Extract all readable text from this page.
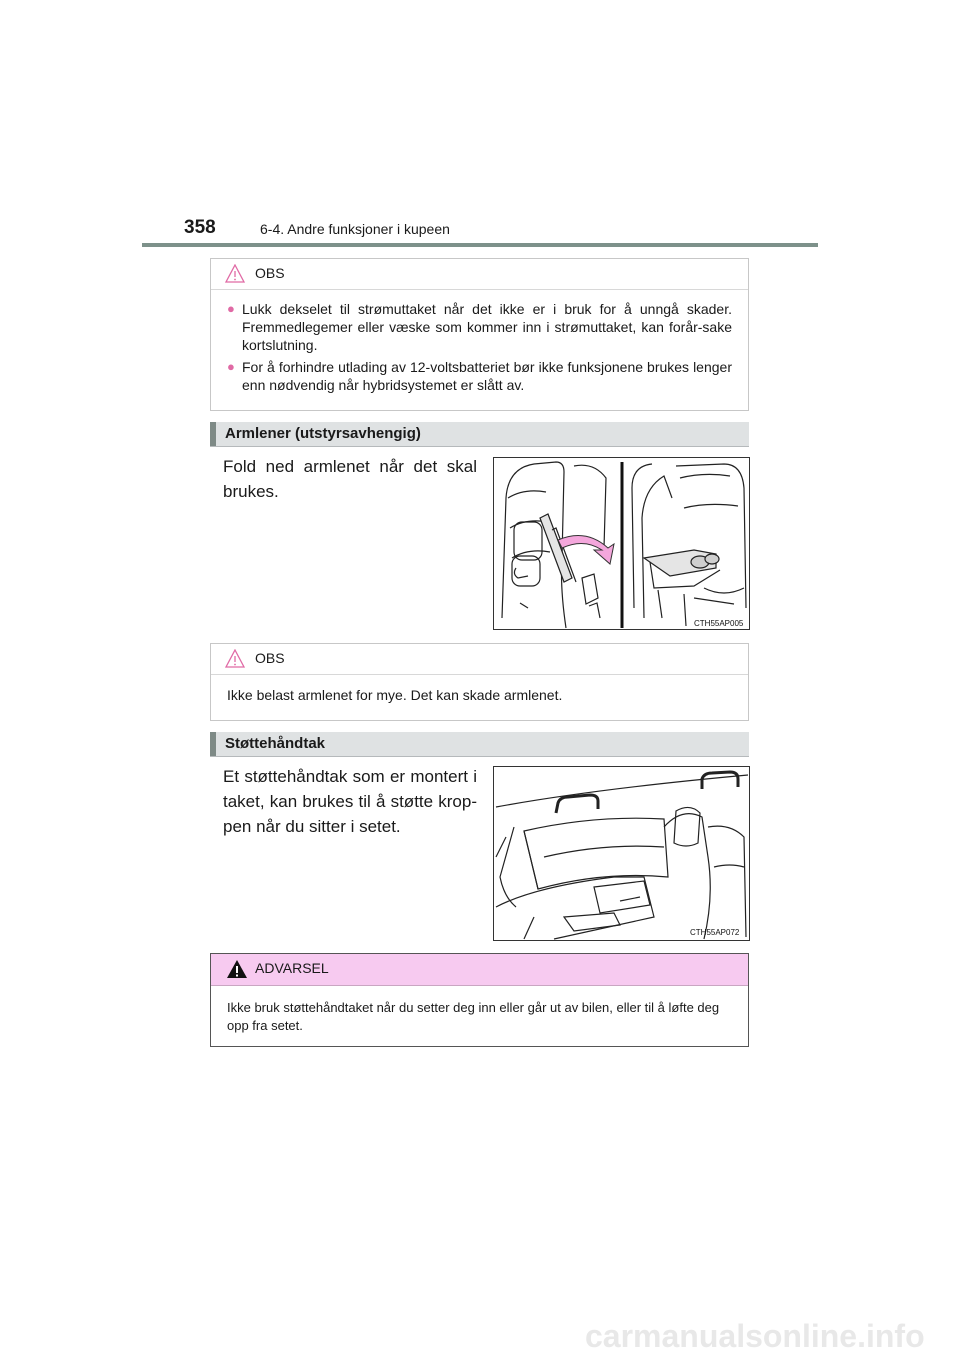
358	6-4. Andre funksjoner i kupeen
OBS
● Lukk dekselet til strømuttaket når det ikke er i bruk for å unngå skader. Fremmedlegemer eller væske som kommer inn i strømuttaket, kan forår-sake kortslutning.
● For å forhindre utlading av 12-voltsbatteriet bør ikke funksjonene brukes lenger enn nødvendig når hybridsystemet er slått av.
Armlener (utstyrsavhengig)
Fold ned armlenet når det skal brukes.
CTH55AP005
OBS
Ikke belast armlenet for mye. Det kan skade armlenet.
Støttehåndtak
Et støttehåndtak som er montert i taket, kan brukes til å støtte krop-pen når du sitter i setet.
CTH55AP072
ADVARSEL
Ikke bruk støttehåndtaket når du setter deg inn eller går ut av bilen, eller til å løfte deg opp fra setet.
carmanualsonline.info
